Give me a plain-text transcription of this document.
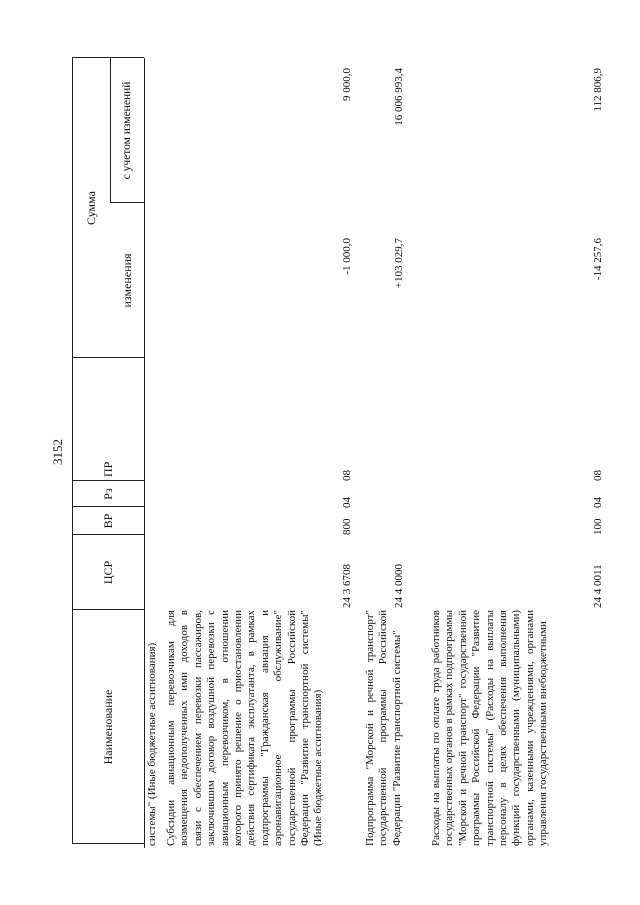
3152
Наименование
ЦСР
ВР
Рз
ПР
Сумма
изменения
с учетом изменений
системы" (Иные бюджетные ассигнования) Субсидии авиационным перевозчикам для возмещения недополученных ими доходов в связи с обеспечением перевозки пассажиров, заключившим договор воздушной перевозки с авиационным перевозчиком, в отношении которого принято решение о приостановлении действия сертификата эксплуатанта, в рамках подпрограммы "Гражданская авиация и аэронавигационное обслуживание" государственной программы Российской Федерации "Развитие транспортной системы" (Иные бюджетные ассигнования)
24 3 6708
800
04
08
-1 000,0
9 000,0
Подпрограмма "Морской и речной транспорт" государственной программы Российской Федерации "Развитие транспортной системы"
24 4 0000
+103 029,7
16 006 993,4
Расходы на выплаты по оплате труда работников государственных органов в рамках подпрограммы "Морской и речной транспорт" государственной программы Российской Федерации "Развитие транспортной системы" (Расходы на выплаты персоналу в целях обеспечения выполнения функций государственными (муниципальными) органами, казенными учреждениями, органами управления государственными внебюджетными
24 4 0011
100
04
08
-14 257,6
112 806,9
